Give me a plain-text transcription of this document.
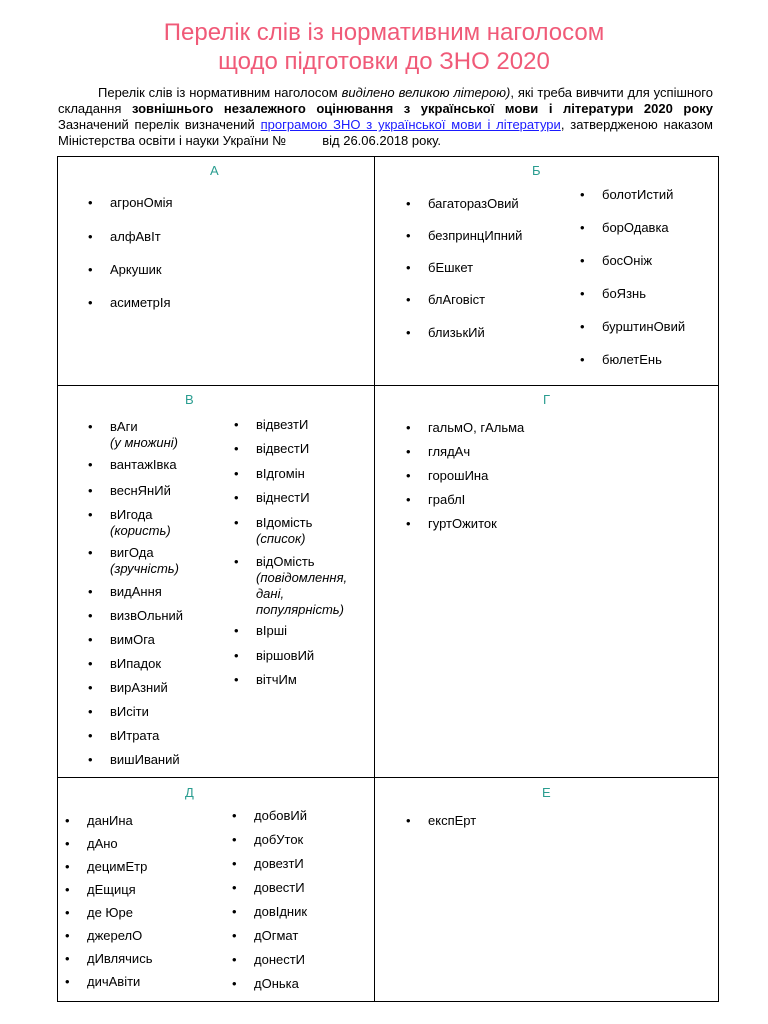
Перелік слів із нормативним наголосом
щодо підготовки до ЗНО 2020
Перелік слів із нормативним наголосом виділено великою літерою), які треба вивчити для успішного складання зовнішнього незалежного оцінювання з української мови і літератури 2020 року Зазначений перелік визначений програмою ЗНО з української мови і літератури, затвердженою наказом Міністерства освіти і науки України №	від 26.06.2018 року.
А
• агронОмія
• алфАвІт
• Аркушик
• асиметрІя
Б
• багаторазОвий
• безпринцИпний
• бЕшкет
• блАговіст
• близькИй
• болотИстий
• борОдавка
• босОніж
• боЯзнь
• бурштинОвий
• бюлетЕнь
В
• вАги
(у множині)
• вантажІвка
• веснЯнИй
• вИгода
(користь)
• вигОда
(зручність)
• видАння
• визвОльний
• вимОга
• вИпадок
• вирАзний
• вИсіти
• вИтрата
• вишИваний
• відвезтИ
• відвестИ
• вІдгомін
• віднестИ
• вІдомість
(список)
• відОмість
(повідомлення,
дані,
популярність)
• вІрші
• віршовИй
• вітчИм
Г
• гальмО, гАльма
• глядАч
• горошИна
• граблІ
• гуртОжиток
Д
• данИна
• дАно
• децимЕтр
• дЕщиця
• де Юре
• джерелО
• дИвлячись
• дичАвіти
• добовИй
• добУток
• довезтИ
• довестИ
• довІдник
• дОгмат
• донестИ
• дОнька
Е
• експЕрт
